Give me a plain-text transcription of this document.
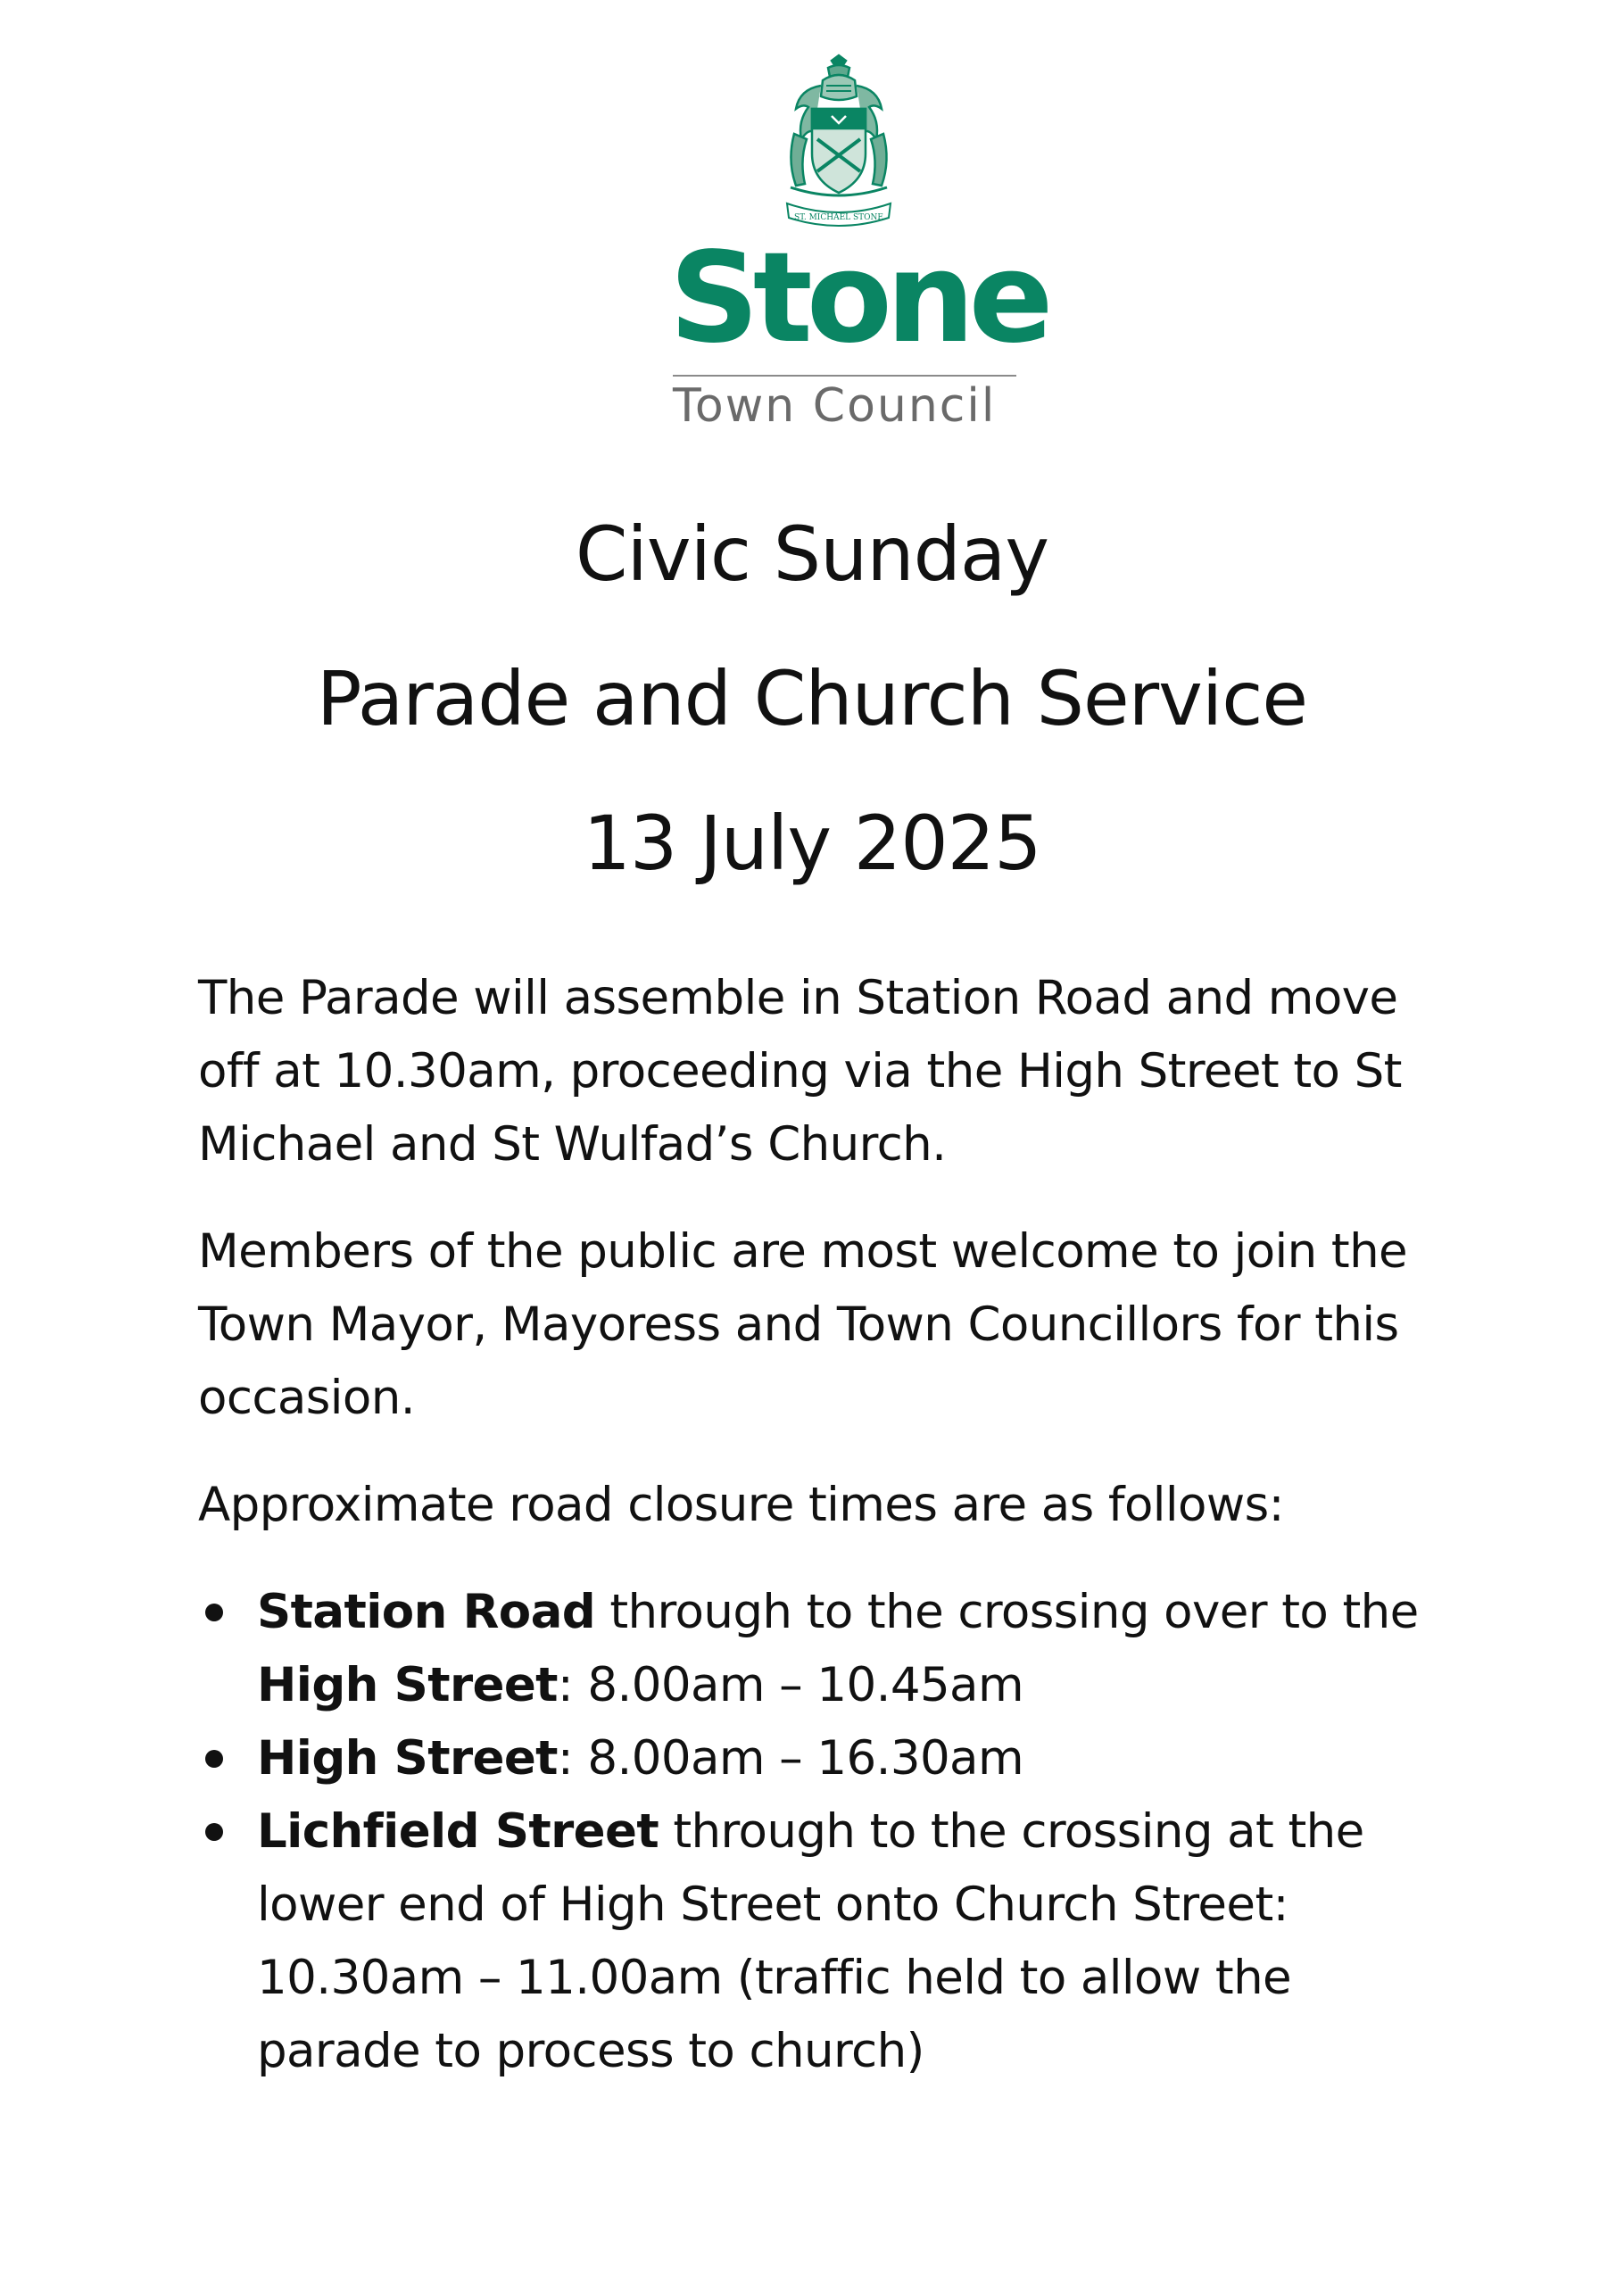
ST. MICHAEL STONE
Stone
Town Council
Civic Sunday
Parade and Church Service
13 July 2025

The Parade will assemble in Station Road and move off at 10.30am, proceeding via the High Street to St Michael and St Wulfad’s Church.

Members of the public are most welcome to join the Town Mayor, Mayoress and Town Councillors for this occasion.

Approximate road closure times are as follows:

Station Road through to the crossing over to the High Street: 8.00am – 10.45am
High Street: 8.00am – 16.30am
Lichfield Street through to the crossing at the lower end of High Street onto Church Street: 10.30am – 11.00am (traffic held to allow the parade to process to church)
